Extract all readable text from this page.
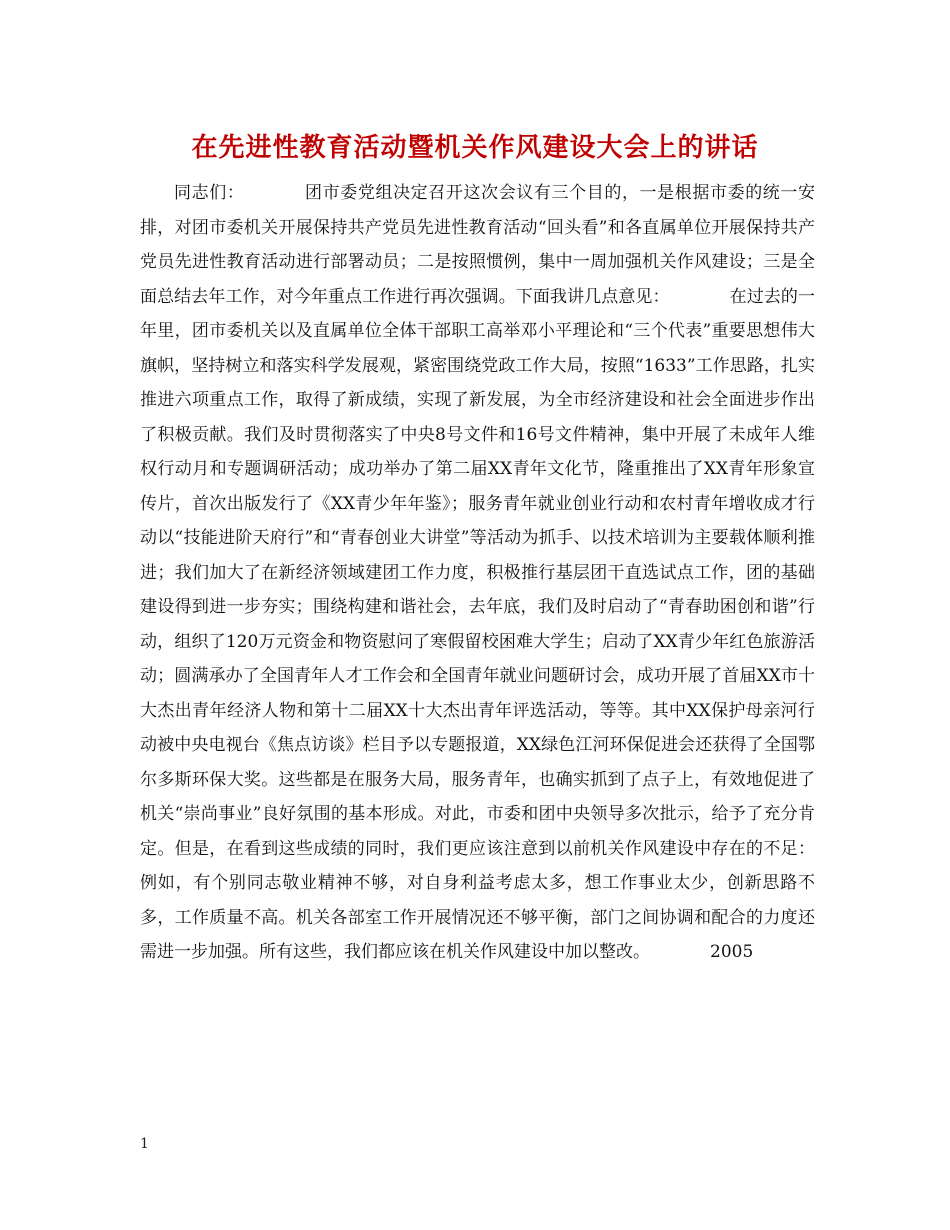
在先进性教育活动暨机关作风建设大会上的讲话

同志们：	团市委党组决定召开这次会议有三个目的，一是根据市委的统一安排，对团市委机关开展保持共产党员先进性教育活动“回头看”和各直属单位开展保持共产党员先进性教育活动进行部署动员；二是按照惯例，集中一周加强机关作风建设；三是全面总结去年工作，对今年重点工作进行再次强调。下面我讲几点意见：	在过去的一年里，团市委机关以及直属单位全体干部职工高举邓小平理论和“三个代表”重要思想伟大旗帜，坚持树立和落实科学发展观，紧密围绕党政工作大局，按照“1633”工作思路，扎实推进六项重点工作，取得了新成绩，实现了新发展，为全市经济建设和社会全面进步作出了积极贡献。我们及时贯彻落实了中央8号文件和16号文件精神，集中开展了未成年人维权行动月和专题调研活动；成功举办了第二届XX青年文化节，隆重推出了XX青年形象宣传片，首次出版发行了《XX青少年年鉴》；服务青年就业创业行动和农村青年增收成才行动以“技能进阶天府行”和“青春创业大讲堂”等活动为抓手、以技术培训为主要载体顺利推进；我们加大了在新经济领域建团工作力度，积极推行基层团干直选试点工作，团的基础建设得到进一步夯实；围绕构建和谐社会，去年底，我们及时启动了“青春助困创和谐”行动，组织了120万元资金和物资慰问了寒假留校困难大学生；启动了XX青少年红色旅游活动；圆满承办了全国青年人才工作会和全国青年就业问题研讨会，成功开展了首届XX市十大杰出青年经济人物和第十二届XX十大杰出青年评选活动，等等。其中XX保护母亲河行动被中央电视台《焦点访谈》栏目予以专题报道，XX绿色江河环保促进会还获得了全国鄂尔多斯环保大奖。这些都是在服务大局，服务青年，也确实抓到了点子上，有效地促进了机关“崇尚事业”良好氛围的基本形成。对此，市委和团中央领导多次批示，给予了充分肯定。但是，在看到这些成绩的同时，我们更应该注意到以前机关作风建设中存在的不足：例如，有个别同志敬业精神不够，对自身利益考虑太多，想工作事业太少，创新思路不多，工作质量不高。机关各部室工作开展情况还不够平衡，部门之间协调和配合的力度还需进一步加强。所有这些，我们都应该在机关作风建设中加以整改。	2005

1
